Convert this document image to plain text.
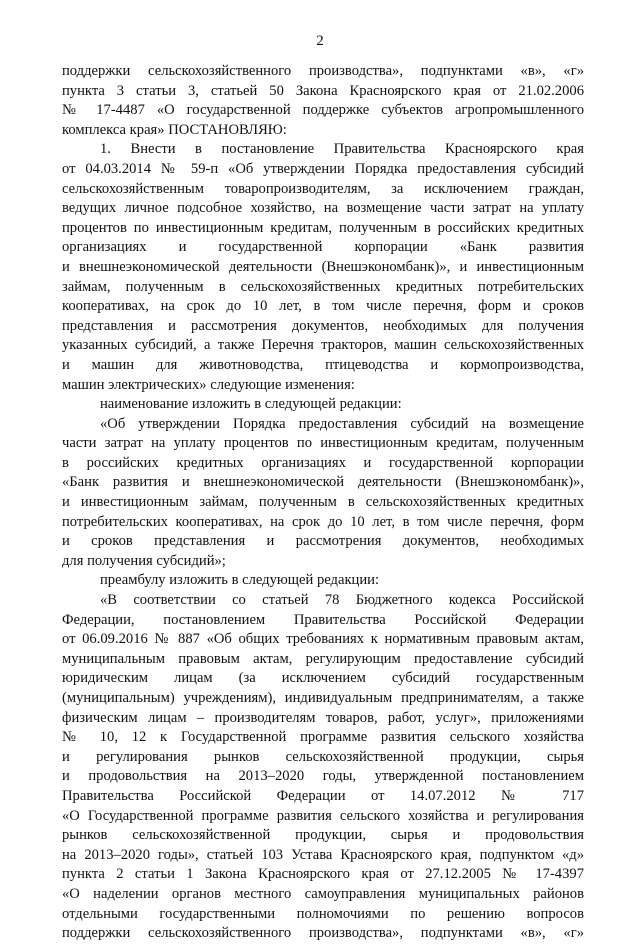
2
поддержки сельскохозяйственного производства», подпунктами «в», «г»
пункта 3 статьи 3, статьей 50 Закона Красноярского края от 21.02.2006
№ 17-4487 «О государственной поддержке субъектов агропромышленного
комплекса края» ПОСТАНОВЛЯЮ:
1. Внести в постановление Правительства Красноярского края
от 04.03.2014 № 59-п «Об утверждении Порядка предоставления субсидий
сельскохозяйственным товаропроизводителям, за исключением граждан,
ведущих личное подсобное хозяйство, на возмещение части затрат на уплату
процентов по инвестиционным кредитам, полученным в российских кредитных
организациях и государственной корпорации «Банк развития
и внешнеэкономической деятельности (Внешэкономбанк)», и инвестиционным
займам, полученным в сельскохозяйственных кредитных потребительских
кооперативах, на срок до 10 лет, в том числе перечня, форм и сроков
представления и рассмотрения документов, необходимых для получения
указанных субсидий, а также Перечня тракторов, машин сельскохозяйственных
и машин для животноводства, птицеводства и кормопроизводства,
машин электрических» следующие изменения:
наименование изложить в следующей редакции:
«Об утверждении Порядка предоставления субсидий на возмещение
части затрат на уплату процентов по инвестиционным кредитам, полученным
в российских кредитных организациях и государственной корпорации
«Банк развития и внешнеэкономической деятельности (Внешэкономбанк)»,
и инвестиционным займам, полученным в сельскохозяйственных кредитных
потребительских кооперативах, на срок до 10 лет, в том числе перечня, форм
и сроков представления и рассмотрения документов, необходимых
для получения субсидий»;
преамбулу изложить в следующей редакции:
«В соответствии со статьей 78 Бюджетного кодекса Российской
Федерации, постановлением Правительства Российской Федерации
от 06.09.2016 № 887 «Об общих требованиях к нормативным правовым актам,
муниципальным правовым актам, регулирующим предоставление субсидий
юридическим лицам (за исключением субсидий государственным
(муниципальным) учреждениям), индивидуальным предпринимателям, а также
физическим лицам – производителям товаров, работ, услуг», приложениями
№ 10, 12 к Государственной программе развития сельского хозяйства
и регулирования рынков сельскохозяйственной продукции, сырья
и продовольствия на 2013–2020 годы, утвержденной постановлением
Правительства Российской Федерации от 14.07.2012 № 717
«О Государственной программе развития сельского хозяйства и регулирования
рынков сельскохозяйственной продукции, сырья и продовольствия
на 2013–2020 годы», статьей 103 Устава Красноярского края, подпунктом «д»
пункта 2 статьи 1 Закона Красноярского края от 27.12.2005 № 17-4397
«О наделении органов местного самоуправления муниципальных районов
отдельными государственными полномочиями по решению вопросов
поддержки сельскохозяйственного производства», подпунктами «в», «г»
